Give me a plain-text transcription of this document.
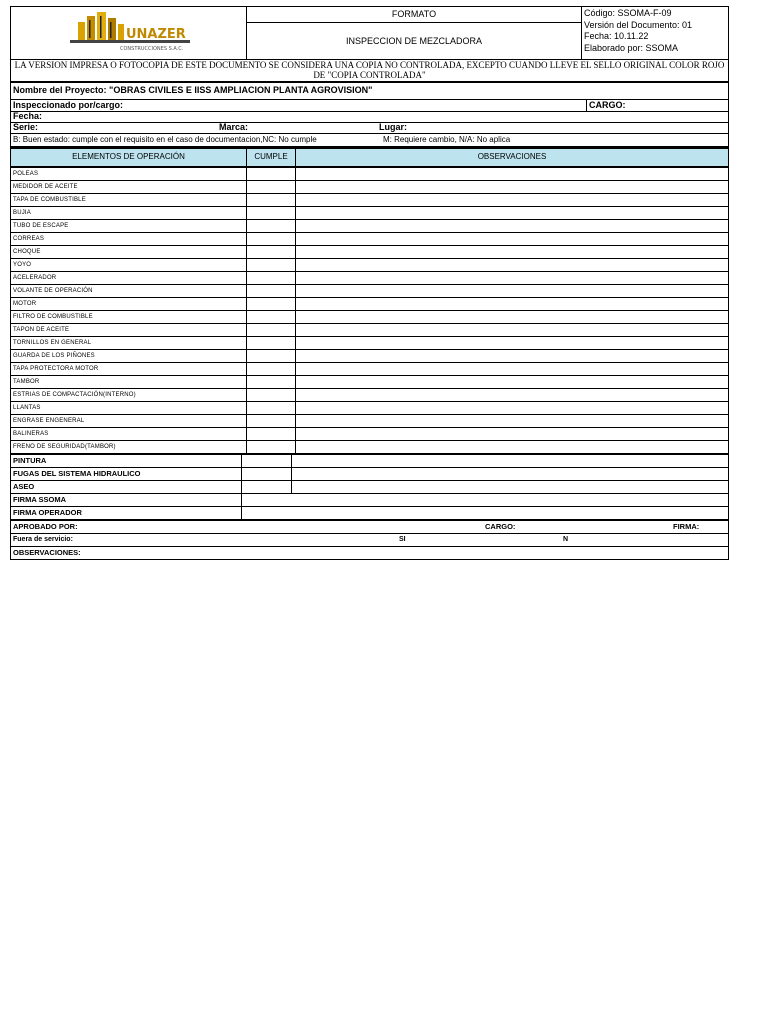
UNAZER
CONSTRUCCIONES S.A.C.
	FORMATO	Código: SSOMA-F-09
Versión del Documento: 01
Fecha: 10.11.22
Elaborado por: SSOMA

INSPECCION DE MEZCLADORA
LA VERSION IMPRESA O FOTOCOPIA DE ESTE DOCUMENTO SE CONSIDERA UNA COPIA NO CONTROLADA, EXCEPTO CUANDO LLEVE EL SELLO ORIGINAL COLOR ROJO DE "COPIA CONTROLADA"
Nombre del Proyecto: "OBRAS CIVILES E IISS AMPLIACION PLANTA AGROVISION"
Inspeccionado por/cargo:	CARGO:
Fecha:
Serie:	Marca:	Lugar:

B: Buen estado: cumple con el requisito en el caso de documentacion,NC: No cumple	M: Requiere cambio, N/A: No aplica
ELEMENTOS DE OPERACIÓN	CUMPLE	OBSERVACIONES
POLEAS		
MEDIDOR DE ACEITE		
TAPA DE COMBUSTIBLE		
BUJIA		
TUBO DE ESCAPE		
CORREAS		
CHOQUE		
YOYO		
ACELERADOR		
VOLANTE DE OPERACIÓN		
MOTOR		
FILTRO DE COMBUSTIBLE		
TAPON DE ACEITE		
TORNILLOS EN GENERAL		
GUARDA DE LOS PIÑONES		
TAPA PROTECTORA MOTOR		
TAMBOR		
ESTRIAS DE COMPACTACIÓN(INTERNO)		
LLANTAS		
ENGRASE ENGENERAL		
BALINERAS		
FRENO DE SEGURIDAD(TAMBOR)		
PINTURA		
FUGAS DEL SISTEMA HIDRAULICO		
ASEO		
FIRMA SSOMA		
FIRMA OPERADOR		
APROBADO POR:	CARGO:	FIRMA:

Fuera de servicio:	SI	N

OBSERVACIONES:
